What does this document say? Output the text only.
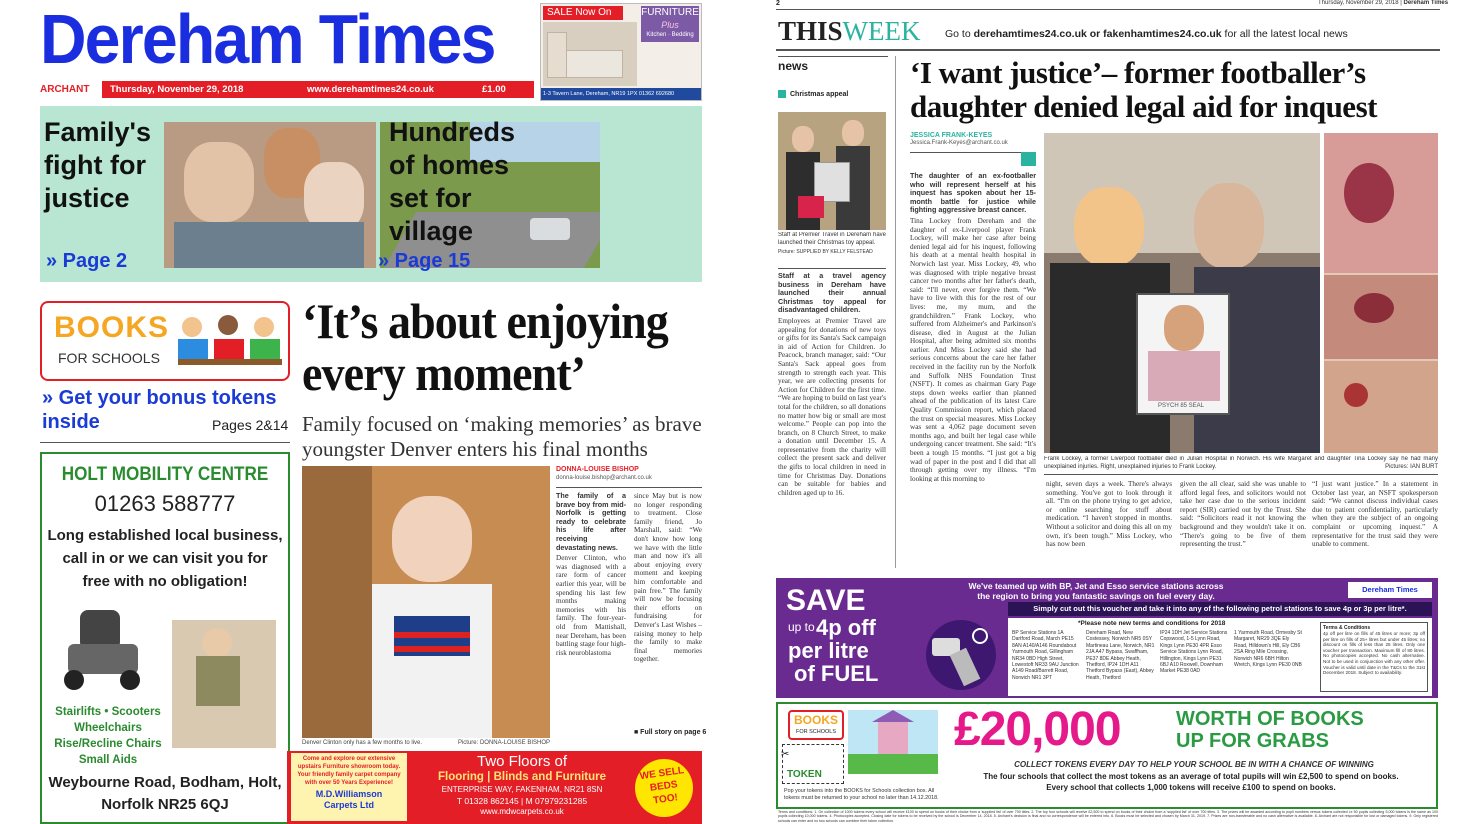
Dereham Times
ARCHANT Thursday, November 29, 2018	www.derehamtimes24.co.uk	£1.00
SALE Now On	FURNITURE
Plus
Kitchen · Bedding
1-3 Tavern Lane, Dereham, NR19 1PX 01362 692680
Family's
fight for
justice
» Page 2
Hundreds
of homes
set for
village
» Page 15
BOOKS
FOR SCHOOLS
» Get your bonus tokens
inside	Pages 2&14
HOLT MOBILITY CENTRE
01263 588777
Long established local business,
call in or we can visit you for
free with no obligation!
Stairlifts • Scooters
Wheelchairs
Rise/Recline Chairs
Small Aids
Weybourne Road, Bodham, Holt,
Norfolk NR25 6QJ
‘It’s about enjoying
every moment’
Family focused on ‘making memories’ as brave
youngster Denver enters his final months
Denver Clinton only has a few months to live.	Picture: DONNA-LOUISE BISHOP
DONNA-LOUISE BISHOP
donna-louise.bishop@archant.co.uk

The family of a brave boy from mid-Norfolk is getting ready to celebrate his life after receiving devastating news.

Denver Clinton, who was diagnosed with a rare form of cancer earlier this year, will be spending his last few months making memories with his family. The four-year-old from Mattishall, near Dereham, has been battling stage four high-risk neuroblastoma

since May but is now no longer responding to treatment. Close family friend, Jo Marshall, said: “We don't know how long we have with the little man and now it's all about enjoying every moment and keeping him comfortable and pain free.” The family will now be focusing their efforts on fundraising for Denver's Last Wishes – raising money to help the family to make final memories together.

■ Full story on page 6
Come and explore our extensive upstairs Furniture showroom today. Your friendly family carpet company with over 50 Years Experience!
M.D.Williamson
Carpets Ltd
Two Floors of
Flooring | Blinds and Furniture
ENTERPRISE WAY, FAKENHAM, NR21 8SN
T 01328 862145 | M 07979231285
www.mdwcarpets.co.uk
WE SELL
BEDS
TOO!
2	Thursday, November 29, 2018 | Dereham Times
THISWEEK Go to derehamtimes24.co.uk or fakenhamtimes24.co.uk for all the latest local news
news
Christmas appeal

Staff at Premier Travel in Dereham have launched their Christmas toy appeal.

Picture: SUPPLIED BY KELLY FELSTEAD

Staff at a travel agency business in Dereham have launched their annual Christmas toy appeal for disadvantaged children.

Employees at Premier Travel are appealing for donations of new toys or gifts for its Santa's Sack campaign in aid of Action for Children. Jo Peacock, branch manager, said: “Our Santa's Sack appeal goes from strength to strength each year. This year, we are collecting presents for Action for Children for the first time. “We are hoping to build on last year's total for the children, so all donations no matter how big or small are most welcome.” People can pop into the branch, on 8 Church Street, to make a donation until December 15. A representative from the charity will collect the present sack and deliver the gifts to local children in need in time for Christmas Day. Donations can be suitable for babies and children aged up to 16.

‘I want justice’– former footballer’s
daughter denied legal aid for inquest
JESSICA FRANK-KEYES
Jessica.Frank-Keyes@archant.co.uk

The daughter of an ex-footballer who will represent herself at his inquest has spoken about her 15-month battle for justice while fighting aggressive breast cancer.

Tina Lockey from Dereham and the daughter of ex-Liverpool player Frank Lockey, will make her case after being denied legal aid for his inquest, following his death at a mental health hospital in Norwich last year. Miss Lockey, 49, who was diagnosed with triple negative breast cancer two months after her father's death, said: “I'll never, ever forgive them. “We have to live with this for the rest of our lives: me, my mum, and the grandchildren.” Frank Lockey, who suffered from Alzheimer's and Parkinson's disease, died in August at the Julian Hospital, after being admitted six months earlier. And Miss Lockey said she had serious concerns about the care her father received in the facility run by the Norfolk and Suffolk NHS Foundation Trust (NSFT). It comes as chairman Gary Page steps down weeks earlier than planned ahead of the publication of its latest Care Quality Commission report, which placed the trust on special measures. Miss Lockey was sent a 4,062 page document seven months ago, and built her legal case while undergoing cancer treatment. She said: “It's been a tough 15 months. “I just got a big wad of paper in the post and I did that all through getting over my illness. “I'm looking at this morning to

PSYCH 85 SEAL
Frank Lockey, a former Liverpool footballer died in Julian Hospital in Norwich. His wife Margaret and daughter Tina Lockey say he had many unexplained injuries. Right, unexplained injuries to Frank Lockey.	Pictures: IAN BURT

night, seven days a week. There's always something. You've got to look through it all. “I'm on the phone trying to get advice, or online searching for stuff about medication. “I haven't stopped in months. Without a solicitor and doing this all on my own, it's been tough.” Miss Lockey, who has now been

given the all clear, said she was unable to afford legal fees, and solicitors would not take her case due to the serious incident report (SIR) carried out by the Trust. She said: “Solicitors read it not knowing the background and they wouldn't take it on. “There's going to be five of them representing the trust.”

“I just want justice.” In a statement in October last year, an NSFT spokesperson said: “We cannot discuss individual cases due to patient confidentiality, particularly when they are the subject of an ongoing complaint or upcoming inquest.” A representative for the trust said they were unable to comment.

We've teamed up with BP, Jet and Esso service stations across
the region to bring you fantastic savings on fuel every day.
Dereham Times
Simply cut out this voucher and take it into any of the following petrol stations to save 4p or 3p per litre*.
SAVE
up to 4p off
per litre
of FUEL
*Please note new terms and conditions for 2018
BP Service Stations 1A Dartford Road, March PE15 8AN A140/A146 Roundabout Yarmouth Road, Gillingham NR34 0BD High Street, Lowestoft NR33 9AU Junction A149 Road/Barrett Road, Norwich NR1 3PT
Dereham Road, New Costessey, Norwich NR5 0SY Martineau Lane, Norwich, NR1 2JA A47 Bypass, Swaffham, PE37 8DE Abbey Heath, Thetford, IP24 1DH A11 Thetford Bypass (East), Abbey Heath, Thetford
IP24 1DH Jet Service Stations Copswood, 1-5 Lynn Road, Kings Lynn PE30 4PR Esso Service Stations Lynn Road, Hillington, Kings Lynn PE31 6BJ A10 Roxwell, Downham Market PE38 0AD
1 Yarmouth Road, Ormesby St Margaret, NR29 3QE Ely Road, Hilldown's Hill, Ely CB6 2SA Ring Mile Crossing, Norwich NR6 6BH Hilton Wretch, Kings Lynn PE30 0NB
Terms & Conditions
4p off per litre on fills of 45 litres or more; 3p off per litre on fills of 25+ litres but under 45 litres; no discount on fills of less than 25 litres. Only one voucher per transaction. Maximum fill of 80 litres. No photocopies accepted. No cash alternative. Not to be used in conjunction with any other offer. Voucher is valid until date in the T&Cs to the 31st December 2018. Subject to availability.
BOOKS
FOR SCHOOLS
TOKEN
✂
Pop your tokens into the BOOKS for Schools collection box. All tokens must be returned to your school no later than 14.12.2018.
£20,000	WORTH OF BOOKS
UP FOR GRABS
COLLECT TOKENS EVERY DAY TO HELP YOUR SCHOOL BE IN WITH A CHANCE OF WINNING
The four schools that collect the most tokens as an average of total pupils will win £2,500 to spend on books.
Every school that collects 1,000 tokens will receive £100 to spend on books.
Terms and conditions: 1. On collection of 1000 tokens every school will receive £100 to spend on books of their choice from a 'supplied list' of over 700 titles. 2. The top four schools will receive £2,500 to spend on books of their choice from a 'supplied list' of over 700 titles. 3. The prizes will be awarded according to pupil numbers versus tokens collected i.e 50 pupils collecting 5,000 tokens is the same as 100 pupils collecting 10,000 tokens. 4. Photocopies accepted. Closing date for tokens to be received by the school is December 14, 2018. 5. Archant's decision is final and no correspondence will be entered into. 6. Books must be selected and chosen by March 31, 2019. 7. Prizes are non-transferable and no cash alternative is available. 8. Archant are not responsible for lost or damaged tokens. 9. Only registered schools can enter and no two schools can combine their token collection.
